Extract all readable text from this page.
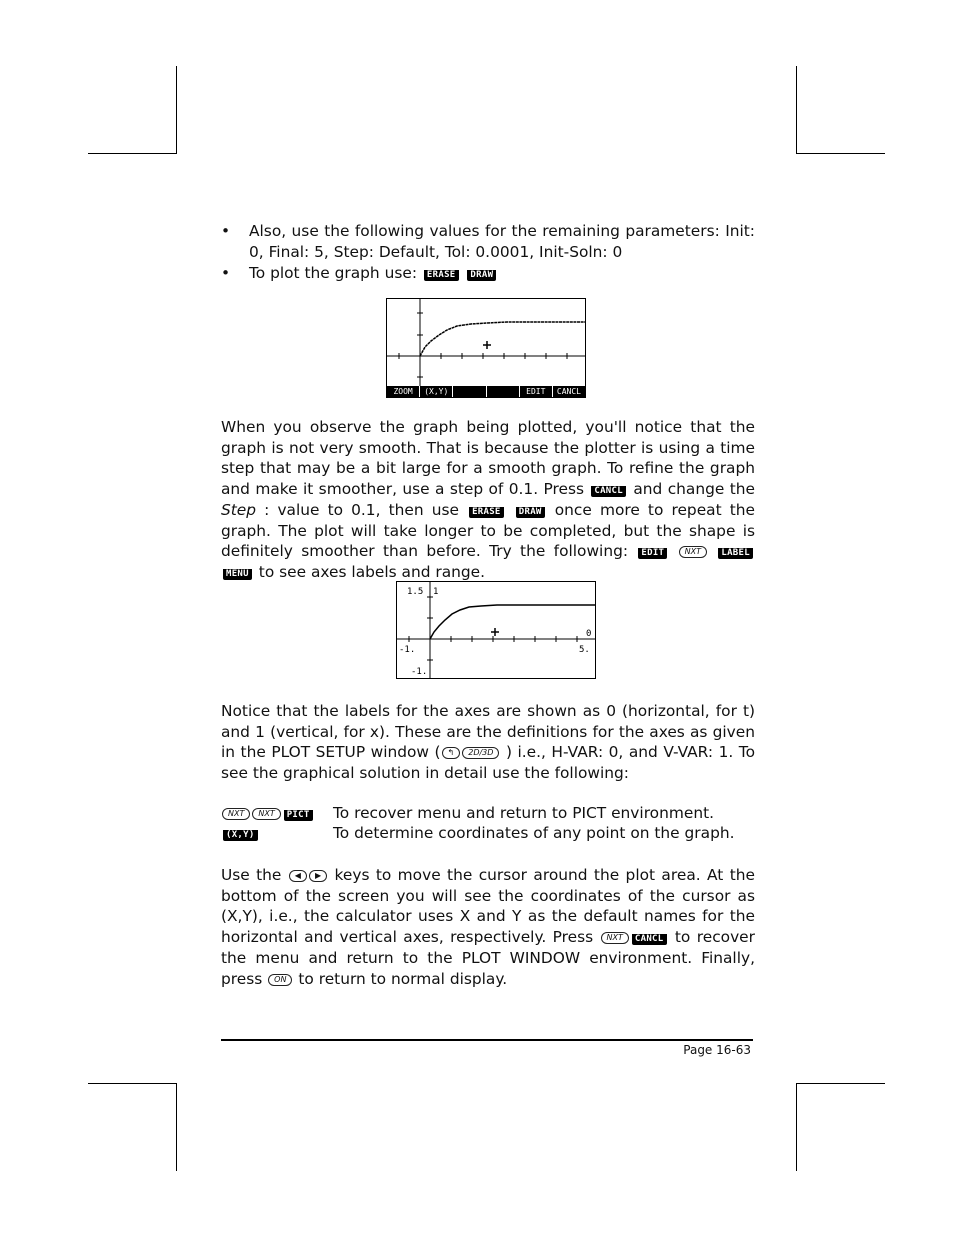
• Also, use the following values for the remaining parameters: Init: 0, Final: 5, Step: Default, Tol: 0.0001, Init-Soln: 0
• To plot the graph use: ERASE DRAW
ZOOM	(X,Y)	EDIT	CANCL

When you observe the graph being plotted, you'll notice that the graph is not very smooth. That is because the plotter is using a time step that may be a bit large for a smooth graph. To refine the graph and make it smoother, use a step of 0.1. Press CANCL and change the Step : value to 0.1, then use ERASE DRAW once more to repeat the graph. The plot will take longer to be completed, but the shape is definitely smoother than before. Try the following: EDIT	NXT LABEL MENU to see axes labels and range.

1.5 1
0
-1.	5.
-1.

Notice that the labels for the axes are shown as 0 (horizontal, for t) and 1 (vertical, for x). These are the definitions for the axes as given in the PLOT SETUP window ( ↰ 2D/3D ) i.e., H-VAR: 0, and V-VAR: 1. To see the graphical solution in detail use the following:

NXT NXT PICT	To recover menu and return to PICT environment.
(X,Y)	To determine coordinates of any point on the graph.

Use the ◀ ▶ keys to move the cursor around the plot area. At the bottom of the screen you will see the coordinates of the cursor as (X,Y), i.e., the calculator uses X and Y as the default names for the horizontal and vertical axes, respectively. Press NXT CANCL to recover the menu and return to the PLOT WINDOW environment. Finally, press ON to return to normal display.

Page 16-63
